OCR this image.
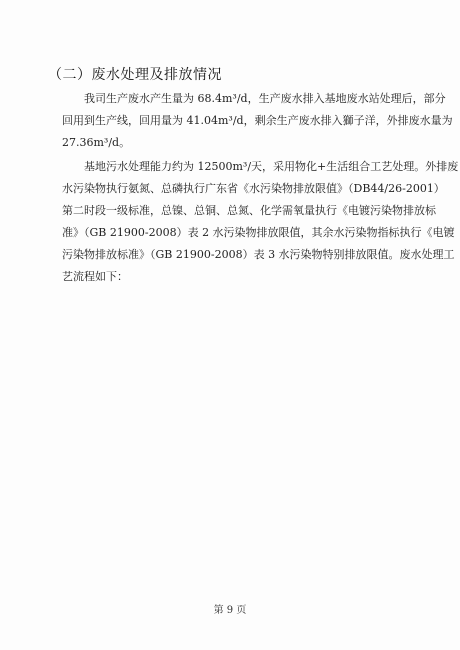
（二）废水处理及排放情况
我司生产废水产生量为 68.4m³/d，生产废水排入基地废水站处理后，部分
回用到生产线，回用量为 41.04m³/d，剩余生产废水排入獅子洋，外排废水量为
27.36m³/d。
基地污水处理能力约为 12500m³/天，采用物化+生活组合工艺处理。外排废
水污染物执行氨氮、总磷执行广东省《水污染物排放限值》（DB44/26-2001）
第二时段一级标准，总镍、总铜、总氮、化学需氧量执行《电镀污染物排放标
准》（GB 21900-2008）表 2 水污染物排放限值，其余水污染物指标执行《电镀
污染物排放标准》（GB 21900-2008）表 3 水污染物特别排放限值。废水处理工
艺流程如下：
第 9 页
